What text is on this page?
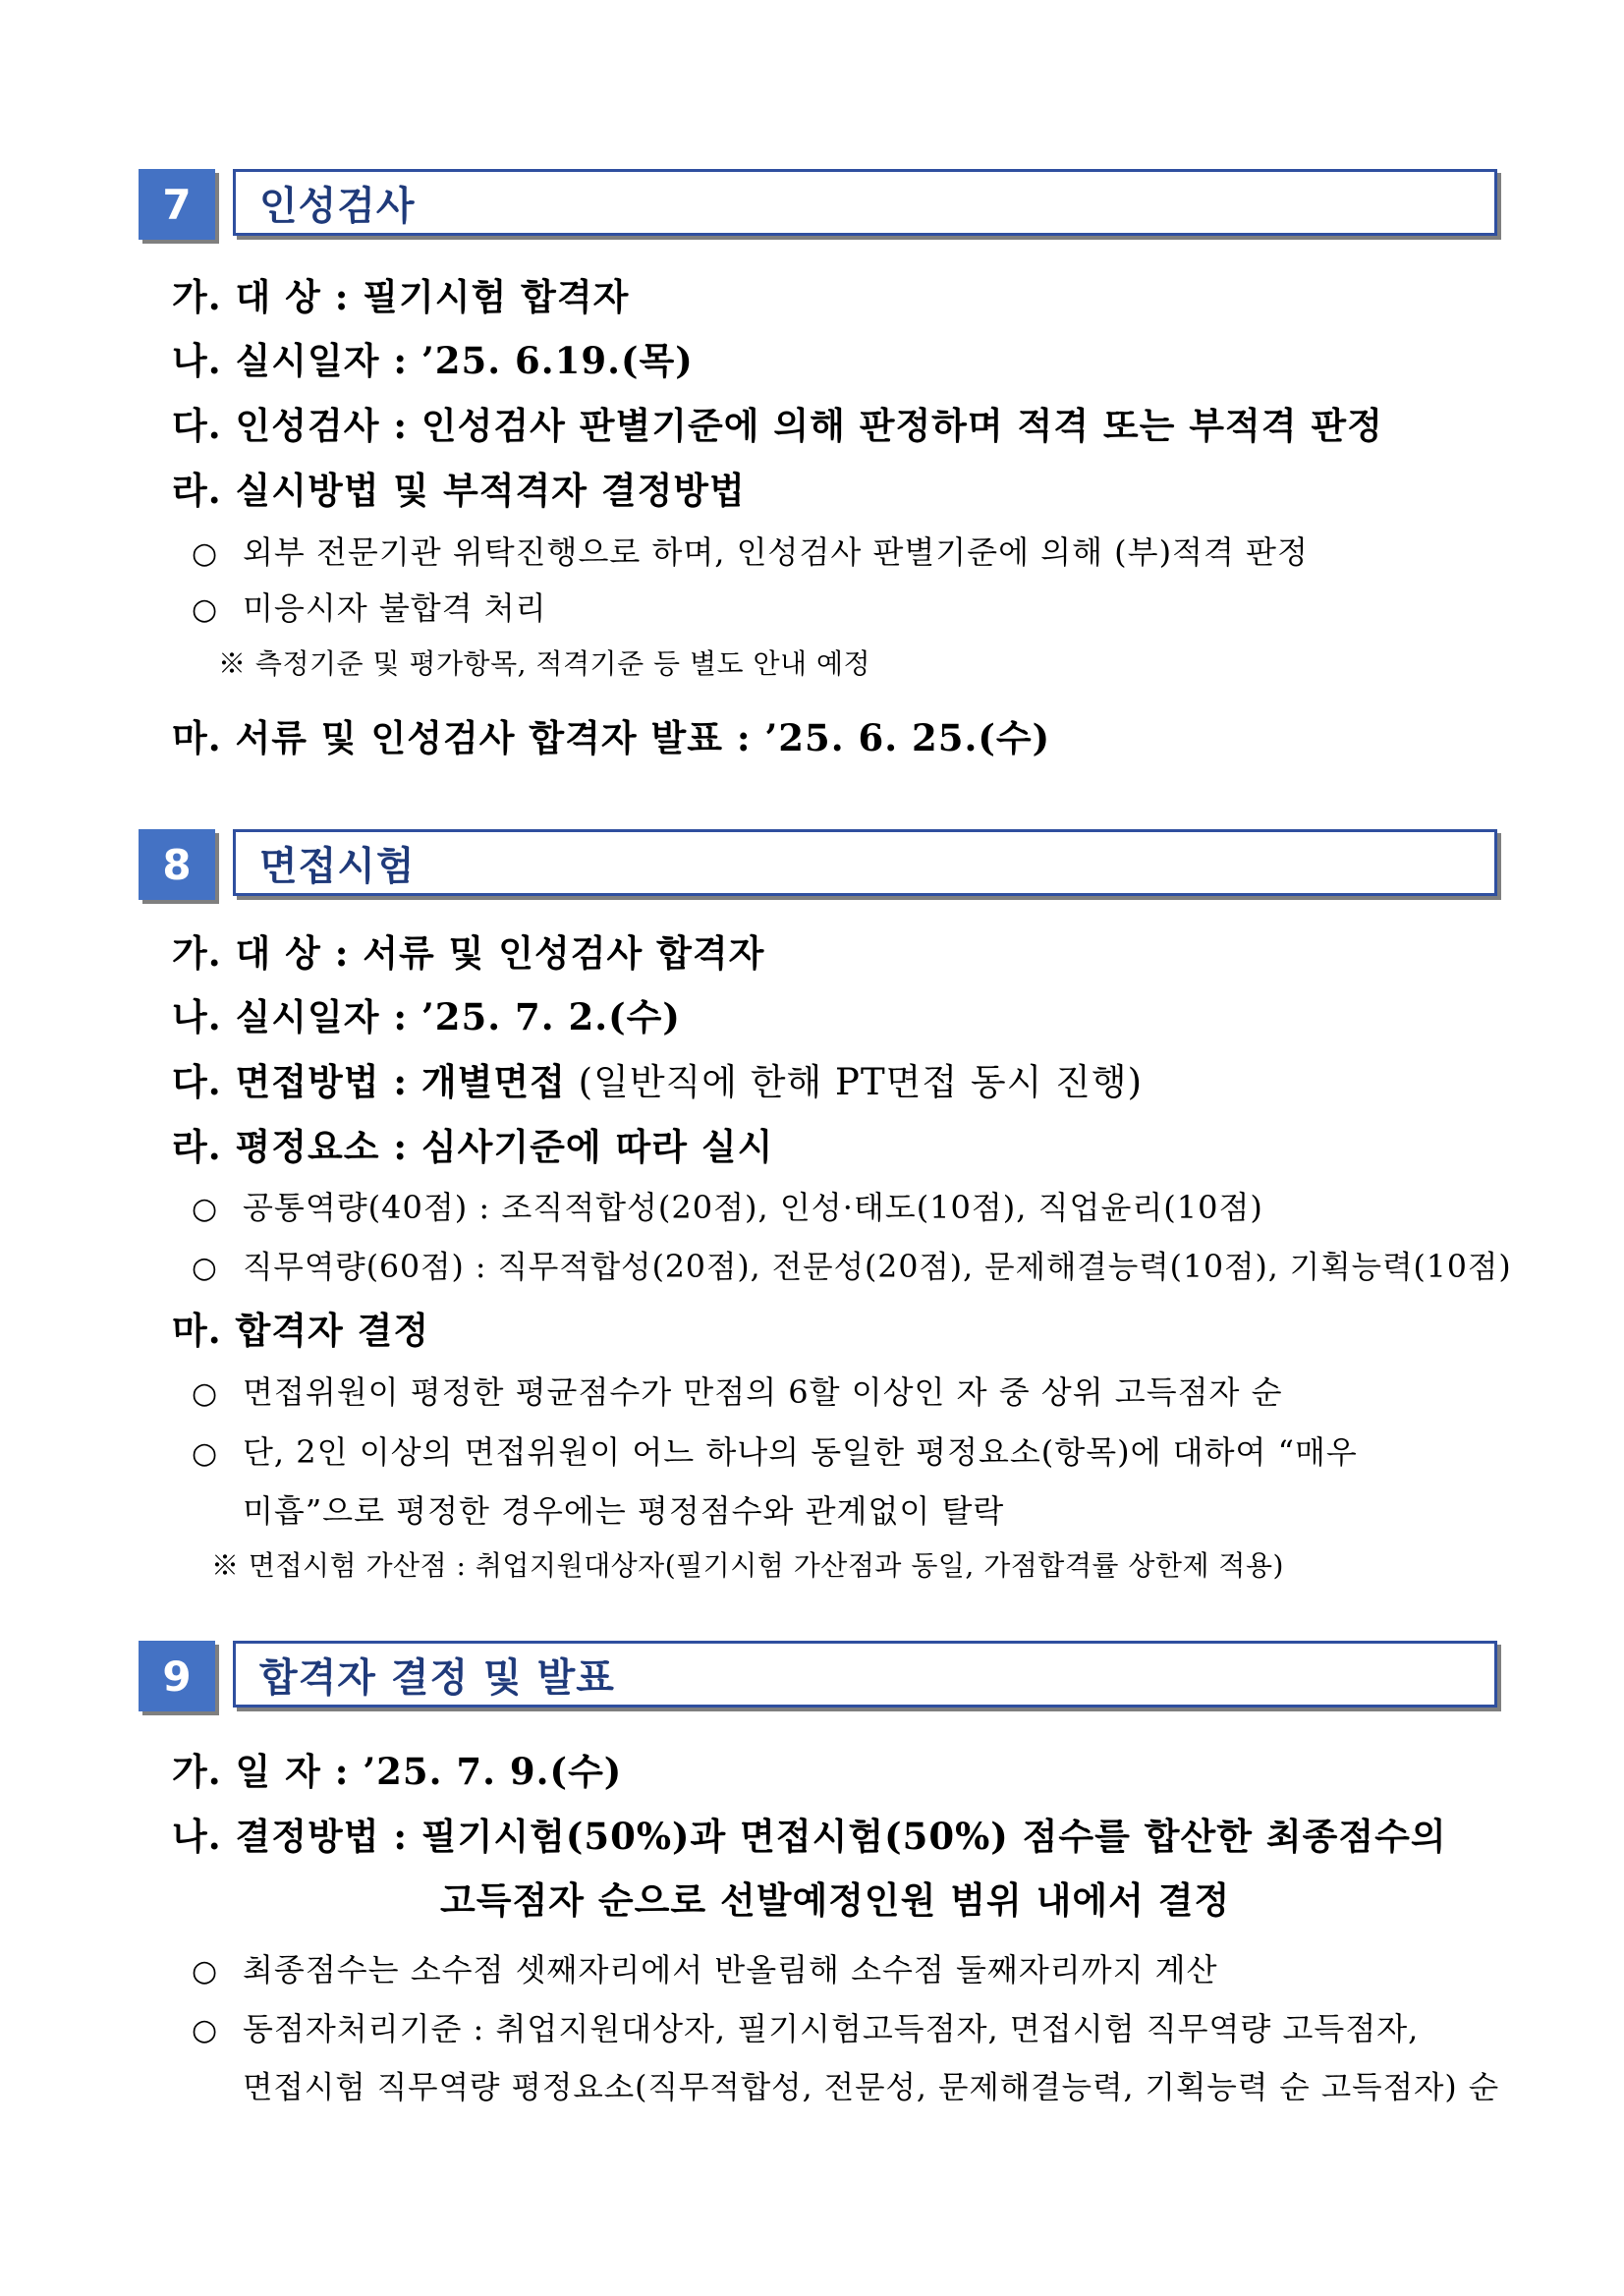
7	인성검사
가. 대 상 : 필기시험 합격자
나. 실시일자 : ’25. 6.19.(목)
다. 인성검사 : 인성검사 판별기준에 의해 판정하며 적격 또는 부적격 판정
라. 실시방법 및 부적격자 결정방법
○ 외부 전문기관 위탁진행으로 하며, 인성검사 판별기준에 의해 (부)적격 판정
○ 미응시자 불합격 처리
※ 측정기준 및 평가항목, 적격기준 등 별도 안내 예정
마. 서류 및 인성검사 합격자 발표 : ’25. 6. 25.(수)
8	면접시험
가. 대 상 : 서류 및 인성검사 합격자
나. 실시일자 : ’25. 7. 2.(수)
다. 면접방법 : 개별면접 (일반직에 한해 PT면접 동시 진행)
라. 평정요소 : 심사기준에 따라 실시
○ 공통역량(40점) : 조직적합성(20점), 인성·태도(10점), 직업윤리(10점)
○ 직무역량(60점) : 직무적합성(20점), 전문성(20점), 문제해결능력(10점), 기획능력(10점)
마. 합격자 결정
○ 면접위원이 평정한 평균점수가 만점의 6할 이상인 자 중 상위 고득점자 순
○ 단, 2인 이상의 면접위원이 어느 하나의 동일한 평정요소(항목)에 대하여 “매우
미흡”으로 평정한 경우에는 평정점수와 관계없이 탈락
※ 면접시험 가산점 : 취업지원대상자(필기시험 가산점과 동일, 가점합격률 상한제 적용)
9	합격자 결정 및 발표
가. 일 자 : ’25. 7. 9.(수)
나. 결정방법 : 필기시험(50%)과 면접시험(50%) 점수를 합산한 최종점수의
고득점자 순으로 선발예정인원 범위 내에서 결정
○ 최종점수는 소수점 셋째자리에서 반올림해 소수점 둘째자리까지 계산
○ 동점자처리기준 : 취업지원대상자, 필기시험고득점자, 면접시험 직무역량 고득점자,
면접시험 직무역량 평정요소(직무적합성, 전문성, 문제해결능력, 기획능력 순 고득점자) 순
